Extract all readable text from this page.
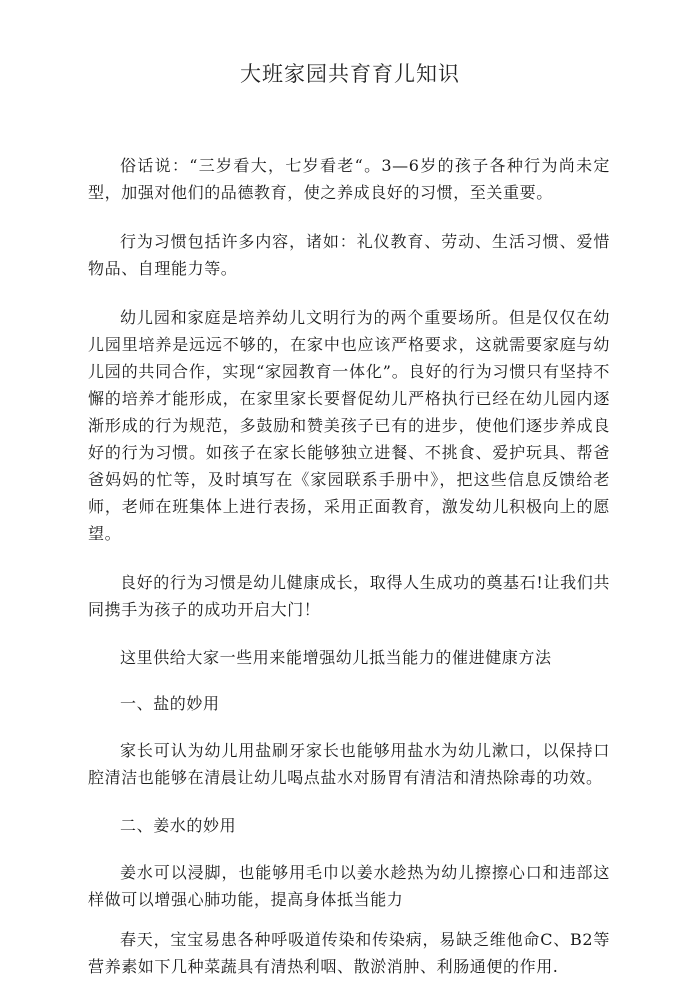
大班家园共育育儿知识

俗话说：“三岁看大，七岁看老“。3—6岁的孩子各种行为尚未定型，加强对他们的品德教育，使之养成良好的习惯，至关重要。

行为习惯包括许多内容，诸如：礼仪教育、劳动、生活习惯、爱惜物品、自理能力等。

幼儿园和家庭是培养幼儿文明行为的两个重要场所。但是仅仅在幼儿园里培养是远远不够的，在家中也应该严格要求，这就需要家庭与幼儿园的共同合作，实现“家园教育一体化”。良好的行为习惯只有坚持不懈的培养才能形成，在家里家长要督促幼儿严格执行已经在幼儿园内逐渐形成的行为规范，多鼓励和赞美孩子已有的进步，使他们逐步养成良好的行为习惯。如孩子在家长能够独立进餐、不挑食、爱护玩具、帮爸爸妈妈的忙等，及时填写在《家园联系手册中》，把这些信息反馈给老师，老师在班集体上进行表扬，采用正面教育，激发幼儿积极向上的愿望。

良好的行为习惯是幼儿健康成长，取得人生成功的奠基石!让我们共同携手为孩子的成功开启大门！

这里供给大家一些用来能增强幼儿抵当能力的催进健康方法

一、盐的妙用

家长可认为幼儿用盐刷牙家长也能够用盐水为幼儿漱口，以保持口腔清洁也能够在清晨让幼儿喝点盐水对肠胃有清洁和清热除毒的功效。

二、姜水的妙用

姜水可以浸脚，也能够用毛巾以姜水趁热为幼儿擦擦心口和违部这样做可以增强心肺功能，提高身体抵当能力

春天，宝宝易患各种呼吸道传染和传染病，易缺乏维他命C、B2等营养素如下几种菜蔬具有清热利咽、散淤消肿、利肠通便的作用.
